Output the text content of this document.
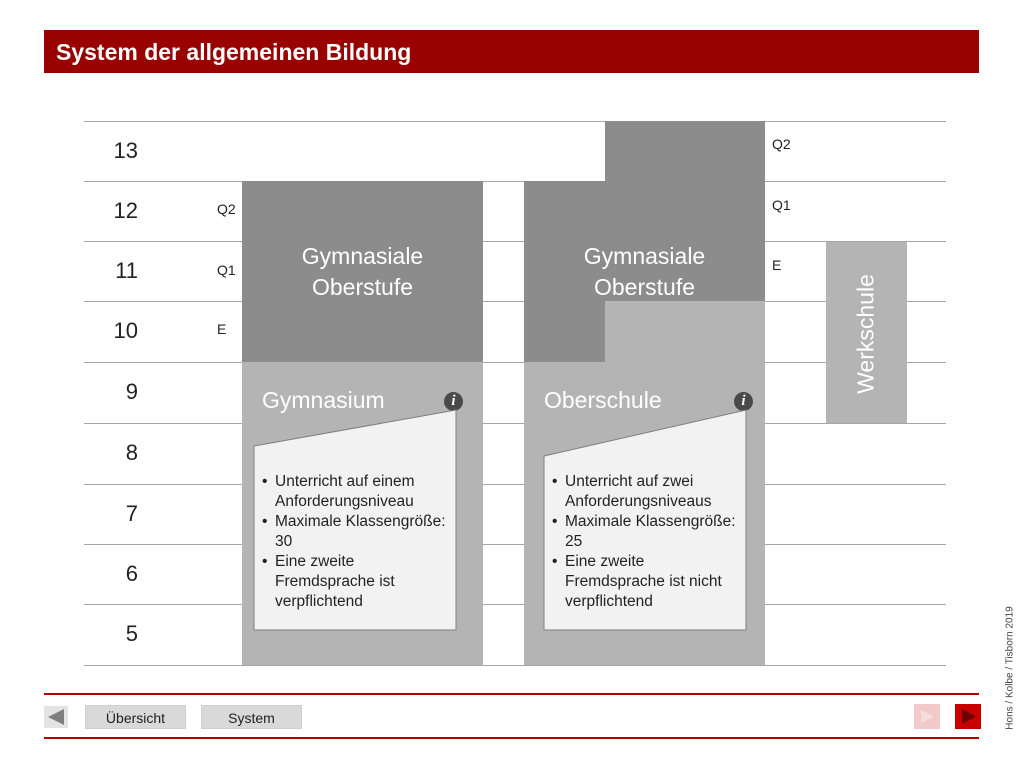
System der allgemeinen Bildung
13
12
11
10
9
8
7
6
5
Q2
Q1
E
Gymnasiale
Oberstufe
Gymnasium	i
• Unterricht auf einem Anforderungsniveau
• Maximale Klassengröße: 30
• Eine zweite Fremdsprache ist verpflichtend
Gymnasiale
Oberstufe
Q2
Q1
E
Oberschule	i
• Unterricht auf zwei Anforderungsniveaus
• Maximale Klassengröße: 25
• Eine zweite Fremdsprache ist nicht verpflichtend
Werkschule
Hons / Kolbe / Tisborn 2019
Übersicht	System
